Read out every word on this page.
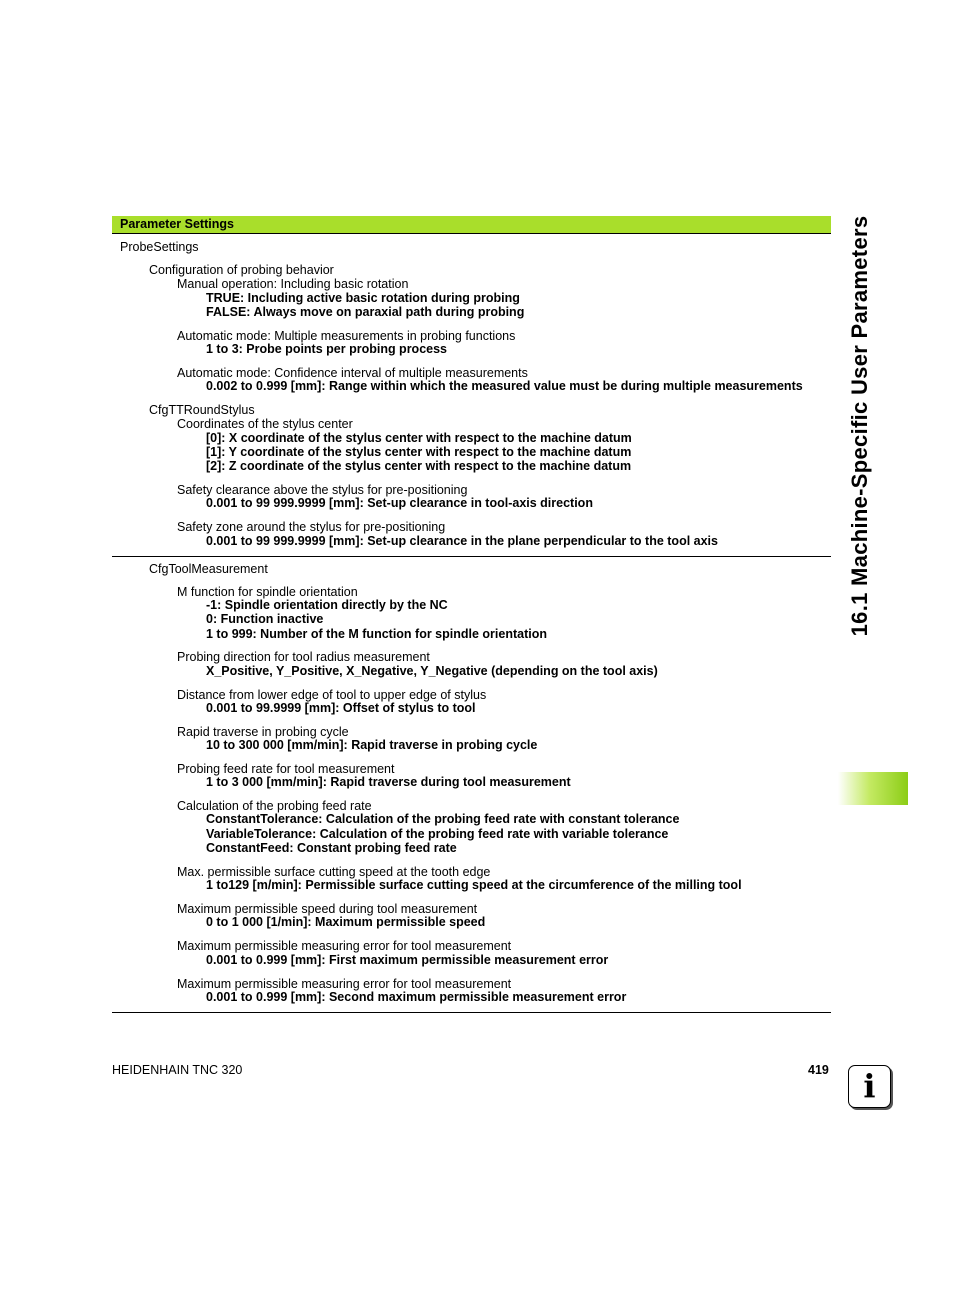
Parameter Settings
ProbeSettings
Configuration of probing behavior
Manual operation: Including basic rotation
TRUE: Including active basic rotation during probing
FALSE: Always move on paraxial path during probing
Automatic mode: Multiple measurements in probing functions
1 to 3: Probe points per probing process
Automatic mode: Confidence interval of multiple measurements
0.002 to 0.999 [mm]: Range within which the measured value must be during multiple measurements
CfgTTRoundStylus
Coordinates of the stylus center
[0]: X coordinate of the stylus center with respect to the machine datum
[1]: Y coordinate of the stylus center with respect to the machine datum
[2]: Z coordinate of the stylus center with respect to the machine datum
Safety clearance above the stylus for pre-positioning
0.001 to 99 999.9999 [mm]: Set-up clearance in tool-axis direction
Safety zone around the stylus for pre-positioning
0.001 to 99 999.9999 [mm]: Set-up clearance in the plane perpendicular to the tool axis
CfgToolMeasurement
M function for spindle orientation
-1: Spindle orientation directly by the NC
0: Function inactive
1 to 999: Number of the M function for spindle orientation
Probing direction for tool radius measurement
X_Positive, Y_Positive, X_Negative, Y_Negative (depending on the tool axis)
Distance from lower edge of tool to upper edge of stylus
0.001 to 99.9999 [mm]: Offset of stylus to tool
Rapid traverse in probing cycle
10 to 300 000 [mm/min]: Rapid traverse in probing cycle
Probing feed rate for tool measurement
1 to 3 000 [mm/min]: Rapid traverse during tool measurement
Calculation of the probing feed rate
ConstantTolerance: Calculation of the probing feed rate with constant tolerance
VariableTolerance: Calculation of the probing feed rate with variable tolerance
ConstantFeed: Constant probing feed rate
Max. permissible surface cutting speed at the tooth edge
1 to129 [m/min]: Permissible surface cutting speed at the circumference of the milling tool
Maximum permissible speed during tool measurement
0 to 1 000 [1/min]: Maximum permissible speed
Maximum permissible measuring error for tool measurement
0.001 to 0.999 [mm]: First maximum permissible measurement error
Maximum permissible measuring error for tool measurement
0.001 to 0.999 [mm]: Second maximum permissible measurement error
16.1 Machine-Specific User Parameters
HEIDENHAIN TNC 320	419	i
